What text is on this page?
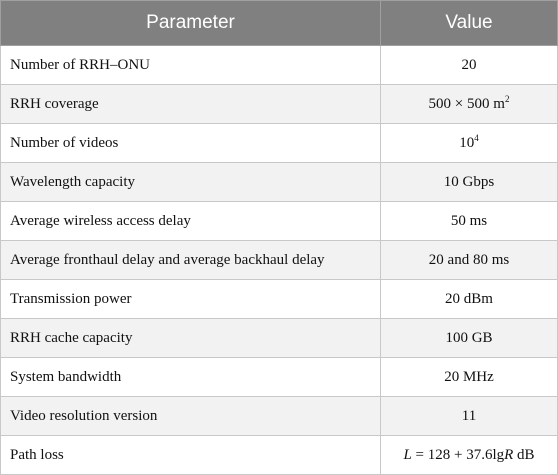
Parameter	Value
Number of RRH–ONU	20
RRH coverage	500 × 500 $m^2$
Number of videos	$10^4$
Wavelength capacity	10 Gbps
Average wireless access delay	50 ms
Average fronthaul delay and average backhaul delay	20 and 80 ms
Transmission power	20 dBm
RRH cache capacity	100 GB
System bandwidth	20 MHz
Video resolution version	11
Path loss	L = 128 + 37.6lgR dB
